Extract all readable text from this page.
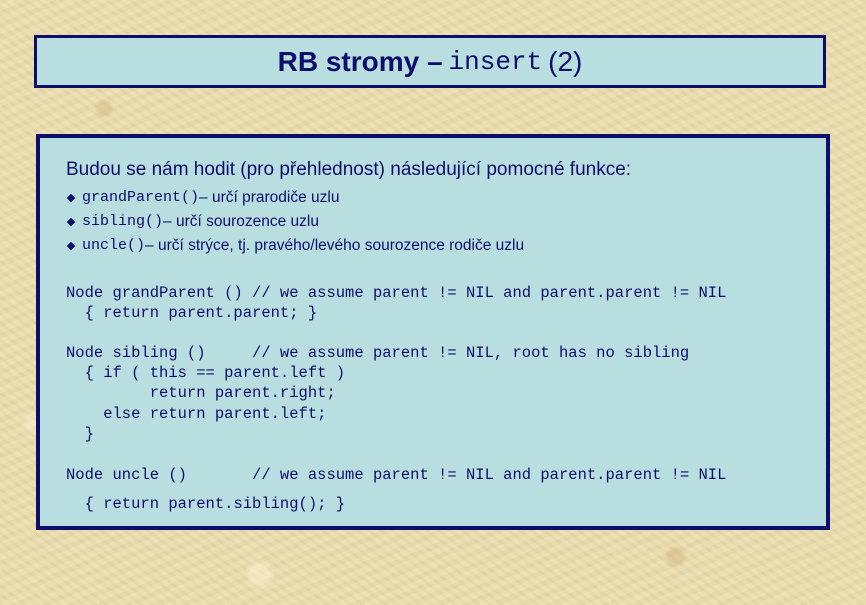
RB stromy – insert (2)
Budou se nám hodit (pro přehlednost) následující pomocné funkce:
grandParent() – určí prarodiče uzlu
sibling() – určí sourozence uzlu
uncle() – určí strýce, tj. pravého/levého sourozence rodiče uzlu
Node grandParent () // we assume parent != NIL and parent.parent != NIL
{ return parent.parent; }
Node sibling ()     // we assume parent != NIL, root has no sibling
{ if ( this == parent.left )
return parent.right;
else return parent.left;
}
Node uncle ()       // we assume parent != NIL and parent.parent != NIL
{ return parent.sibling(); }
